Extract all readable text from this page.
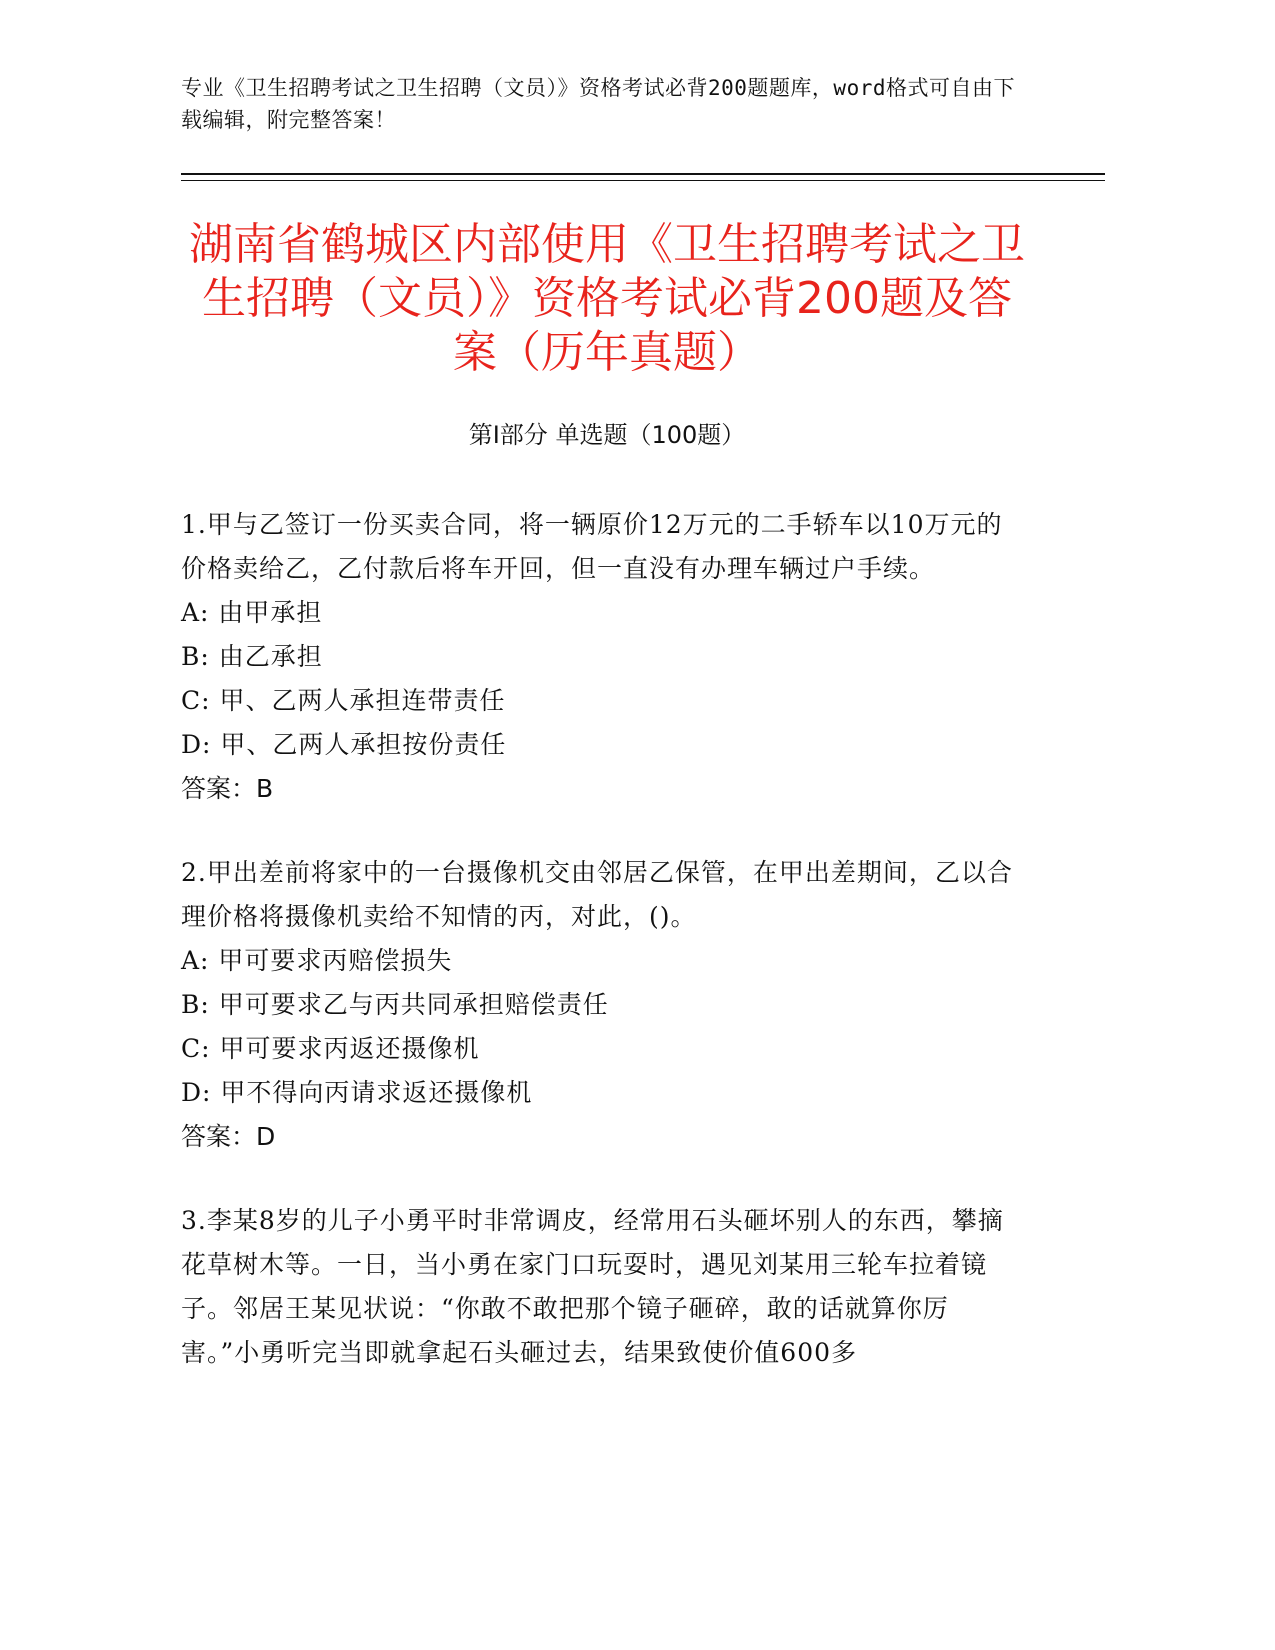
专业《卫生招聘考试之卫生招聘（文员）》资格考试必背200题题库，word格式可自由下载编辑，附完整答案！
湖南省鹤城区内部使用《卫生招聘考试之卫生招聘（文员）》资格考试必背200题及答案（历年真题）
第Ⅰ部分 单选题（100题）
1.甲与乙签订一份买卖合同，将一辆原价12万元的二手轿车以10万元的价格卖给乙，乙付款后将车开回，但一直没有办理车辆过户手续。
A: 由甲承担
B: 由乙承担
C: 甲、乙两人承担连带责任
D: 甲、乙两人承担按份责任
答案：B
2.甲出差前将家中的一台摄像机交由邻居乙保管，在甲出差期间，乙以合理价格将摄像机卖给不知情的丙，对此，()。
A: 甲可要求丙赔偿损失
B: 甲可要求乙与丙共同承担赔偿责任
C: 甲可要求丙返还摄像机
D: 甲不得向丙请求返还摄像机
答案：D
3.李某8岁的儿子小勇平时非常调皮，经常用石头砸坏别人的东西，攀摘花草树木等。一日，当小勇在家门口玩耍时，遇见刘某用三轮车拉着镜子。邻居王某见状说：“你敢不敢把那个镜子砸碎，敢的话就算你厉害。”小勇听完当即就拿起石头砸过去，结果致使价值600多
